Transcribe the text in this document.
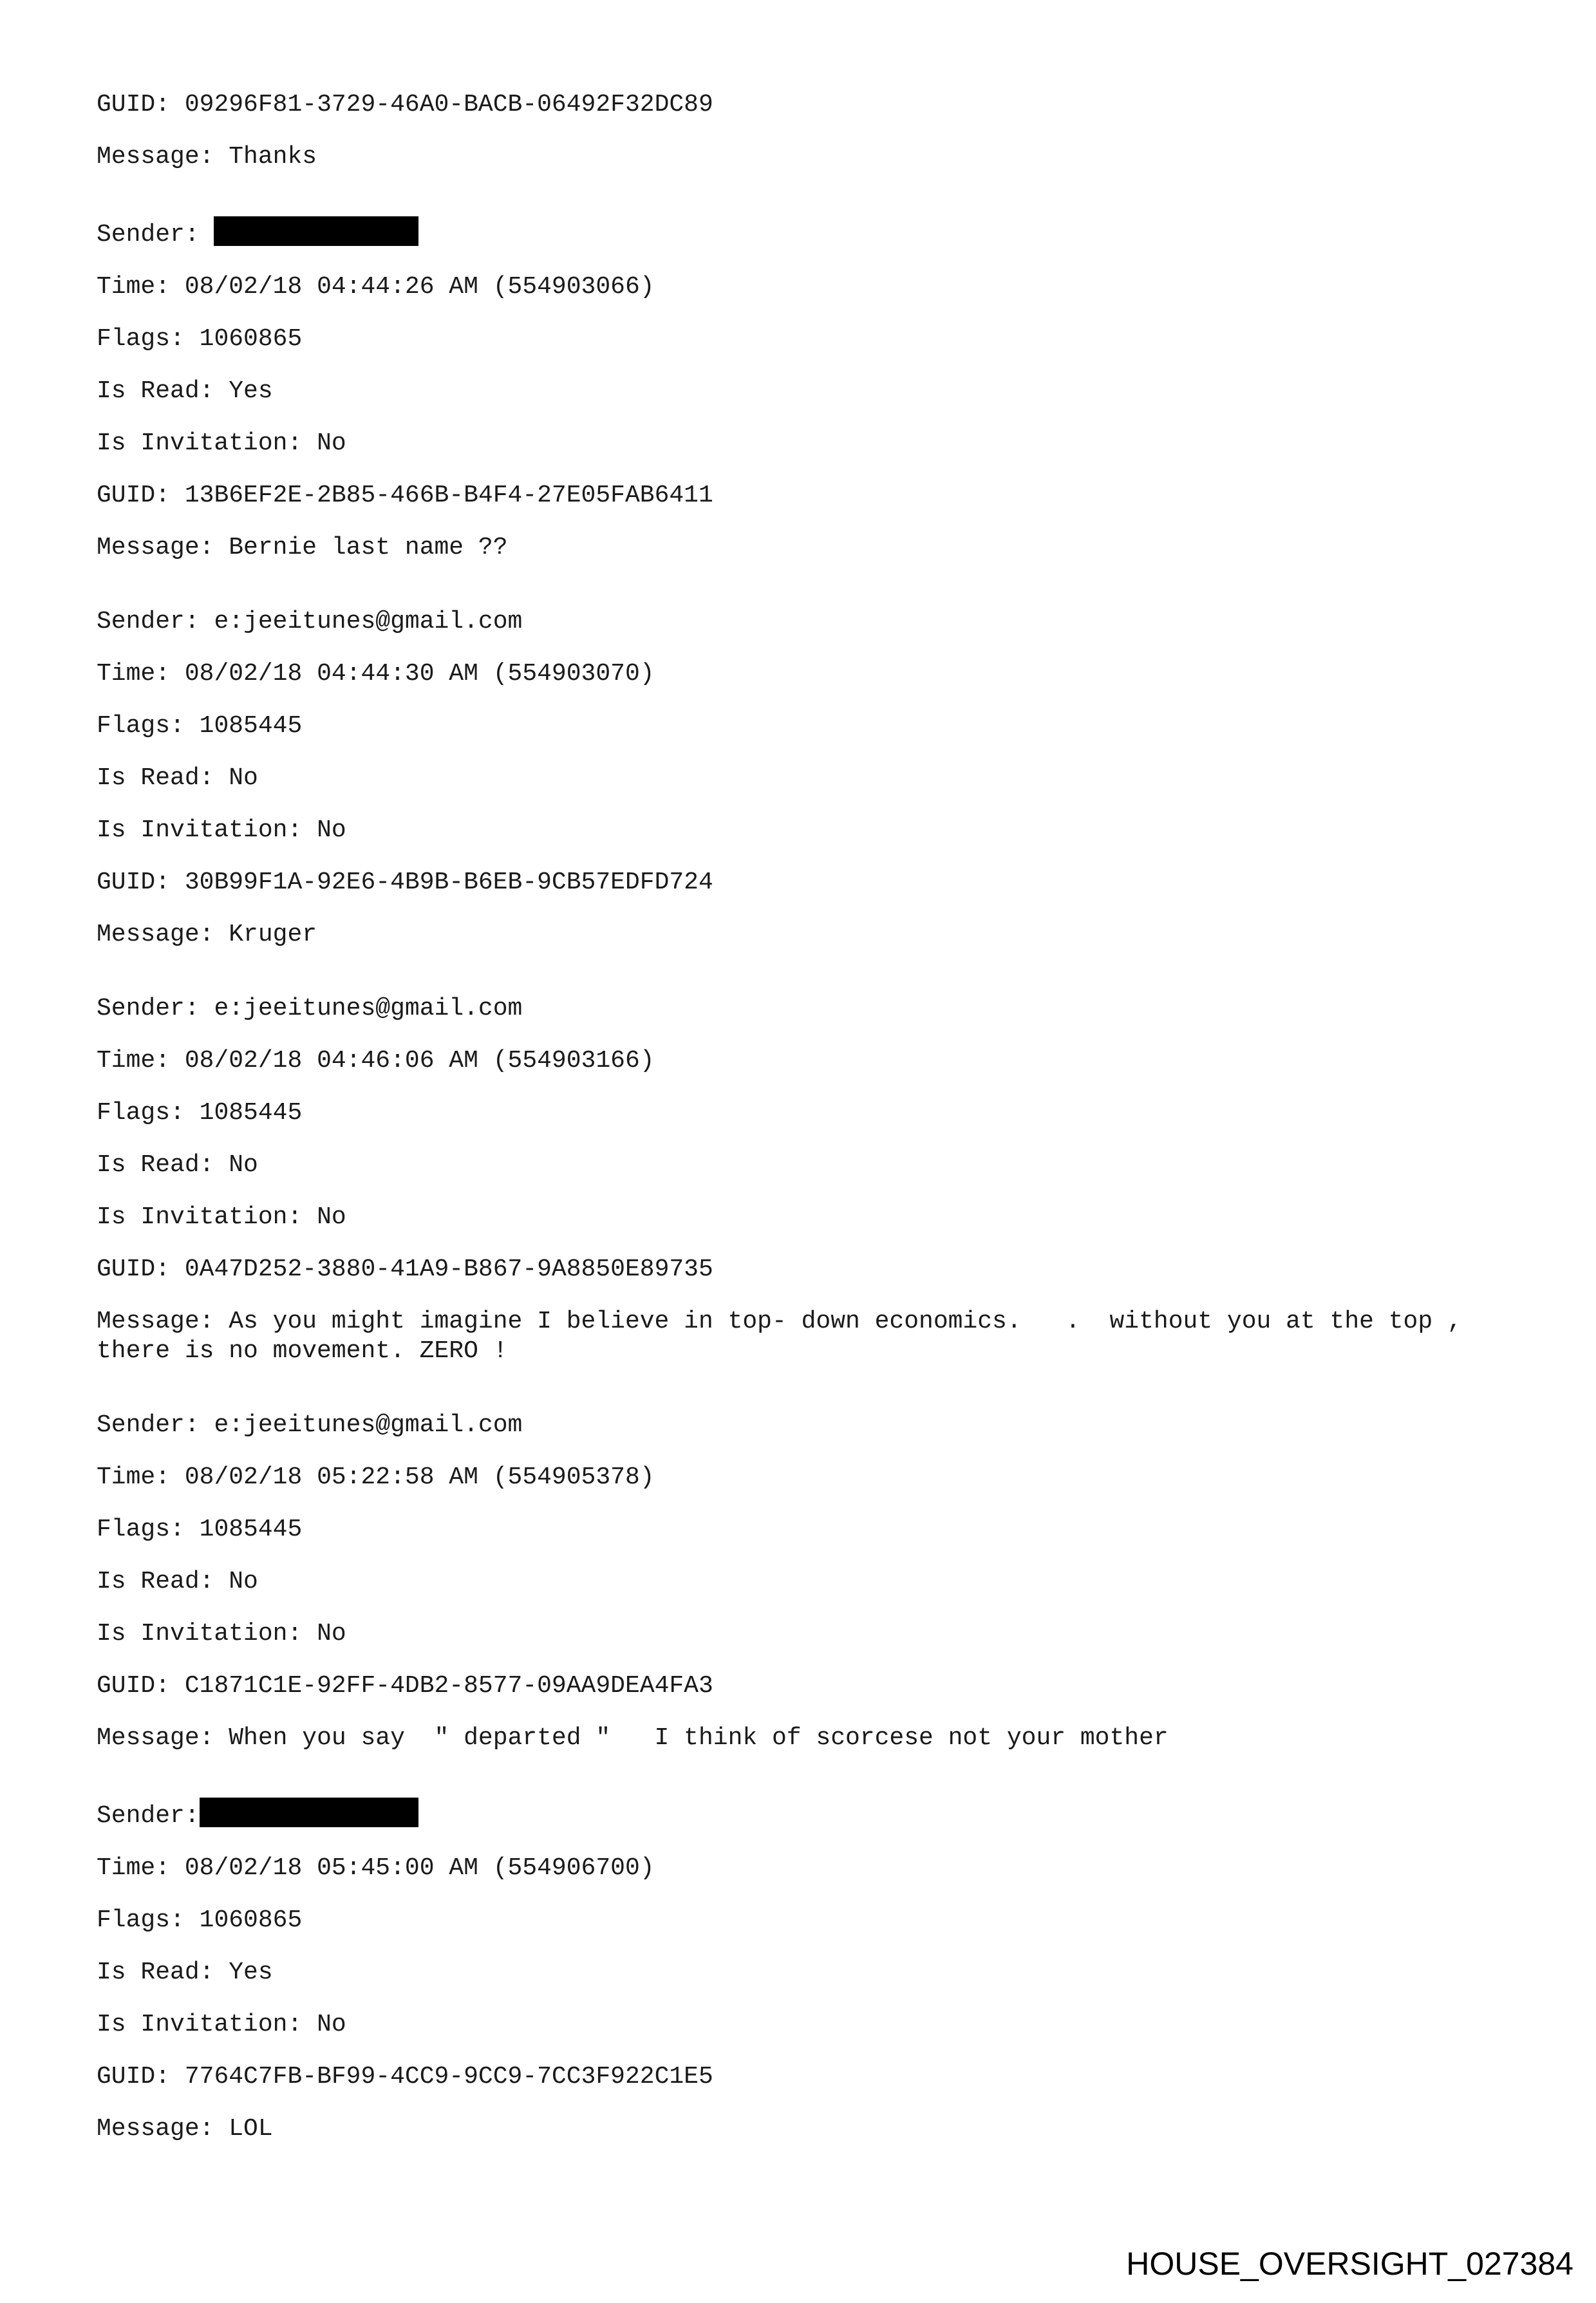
GUID: 09296F81-3729-46A0-BACB-06492F32DC89
Message: Thanks
Sender:
Time: 08/02/18 04:44:26 AM (554903066)
Flags: 1060865
Is Read: Yes
Is Invitation: No
GUID: 13B6EF2E-2B85-466B-B4F4-27E05FAB6411
Message: Bernie last name ??
Sender: e:jeeitunes@gmail.com
Time: 08/02/18 04:44:30 AM (554903070)
Flags: 1085445
Is Read: No
Is Invitation: No
GUID: 30B99F1A-92E6-4B9B-B6EB-9CB57EDFD724
Message: Kruger
Sender: e:jeeitunes@gmail.com
Time: 08/02/18 04:46:06 AM (554903166)
Flags: 1085445
Is Read: No
Is Invitation: No
GUID: 0A47D252-3880-41A9-B867-9A8850E89735
Message: As you might imagine I believe in top- down economics.   .  without you at the top , there is no movement. ZERO !
Sender: e:jeeitunes@gmail.com
Time: 08/02/18 05:22:58 AM (554905378)
Flags: 1085445
Is Read: No
Is Invitation: No
GUID: C1871C1E-92FF-4DB2-8577-09AA9DEA4FA3
Message: When you say  " departed "   I think of scorcese not your mother
Sender:
Time: 08/02/18 05:45:00 AM (554906700)
Flags: 1060865
Is Read: Yes
Is Invitation: No
GUID: 7764C7FB-BF99-4CC9-9CC9-7CC3F922C1E5
Message: LOL
HOUSE_OVERSIGHT_027384
